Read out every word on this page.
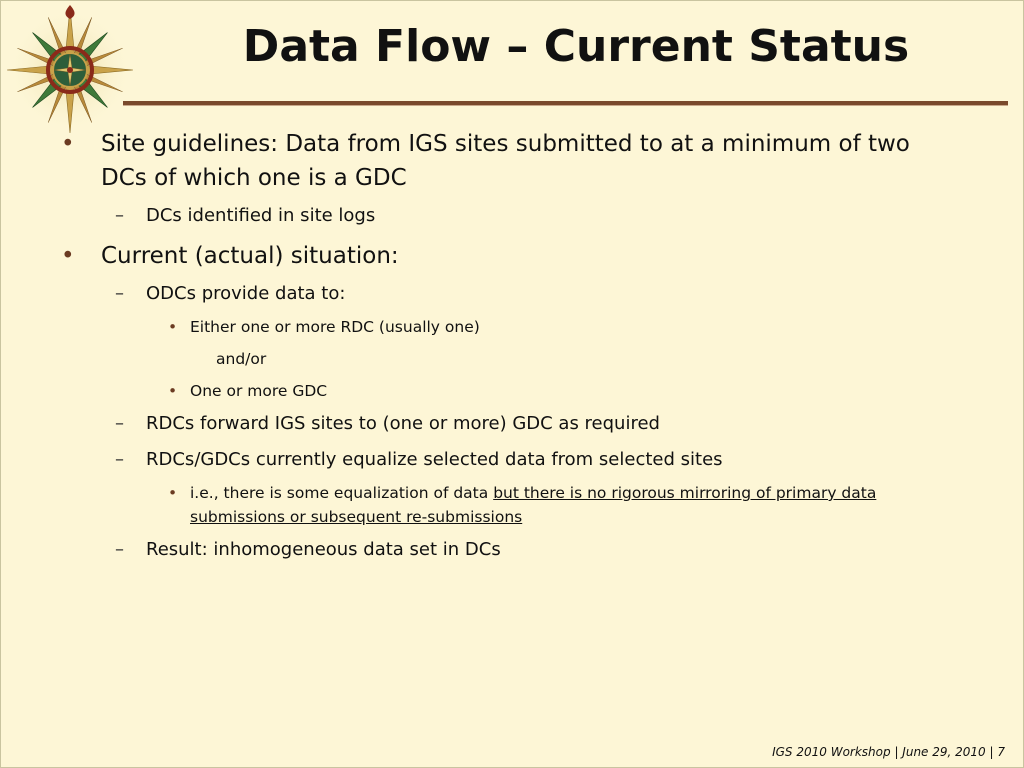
Data Flow – Current Status
• Site guidelines: Data from IGS sites submitted to at a minimum of two DCs of which one is a GDC
– DCs identified in site logs
• Current (actual) situation:
– ODCs provide data to:
• Either one or more RDC (usually one)
and/or
• One or more GDC
– RDCs forward IGS sites to (one or more) GDC as required
– RDCs/GDCs currently equalize selected data from selected sites
• i.e., there is some equalization of data but there is no rigorous mirroring of primary data submissions or subsequent re-submissions
– Result: inhomogeneous data set in DCs
IGS 2010 Workshop | June 29, 2010 | 7
